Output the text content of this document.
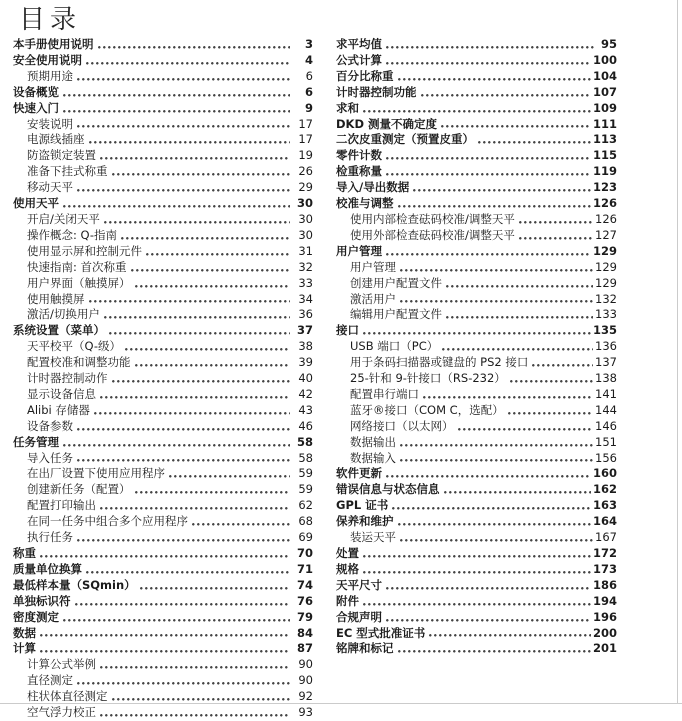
目录
本手册使用说明	3
安全使用说明	4
预期用途	6
设备概览	6
快速入门	9
安装说明	17
电源线插座	17
防盗锁定装置	19
准备下挂式称重	26
移动天平	29
使用天平	30
开启/关闭天平	30
操作概念: Q-指南	30
使用显示屏和控制元件	31
快速指南: 首次称重	32
用户界面（触摸屏）	33
使用触摸屏	34
激活/切换用户	36
系统设置（菜单）	37
天平校平（Q-级）	38
配置校准和调整功能	39
计时器控制动作	40
显示设备信息	42
Alibi 存储器	43
设备参数	46
任务管理	58
导入任务	58
在出厂设置下使用应用程序	59
创建新任务（配置）	59
配置打印输出	62
在同一任务中组合多个应用程序	68
执行任务	69
称重	70
质量单位换算	71
最低样本量（SQmin）	74
单独标识符	76
密度测定	79
数据	84
计算	87
计算公式举例	90
直径测定	90
柱状体直径测定	92
空气浮力校正	93
求平均值	95
公式计算	100
百分比称重	104
计时器控制功能	107
求和	109
DKD 测量不确定度	111
二次皮重测定（预置皮重）	113
零件计数	115
检重称量	119
导入/导出数据	123
校准与调整	126
使用内部检查砝码校准/调整天平	126
使用外部检查砝码校准/调整天平	127
用户管理	129
用户管理	129
创建用户配置文件	129
激活用户	132
编辑用户配置文件	133
接口	135
USB 端口（PC）	136
用于条码扫描器或键盘的 PS2 接口	137
25-针和 9-针接口（RS-232）	138
配置串行端口	141
蓝牙®接口（COM C，选配）	144
网络接口（以太网）	146
数据输出	151
数据输入	156
软件更新	160
错误信息与状态信息	162
GPL 证书	163
保养和维护	164
装运天平	167
处置	172
规格	173
天平尺寸	186
附件	194
合规声明	196
EC 型式批准证书	200
铭牌和标记	201
